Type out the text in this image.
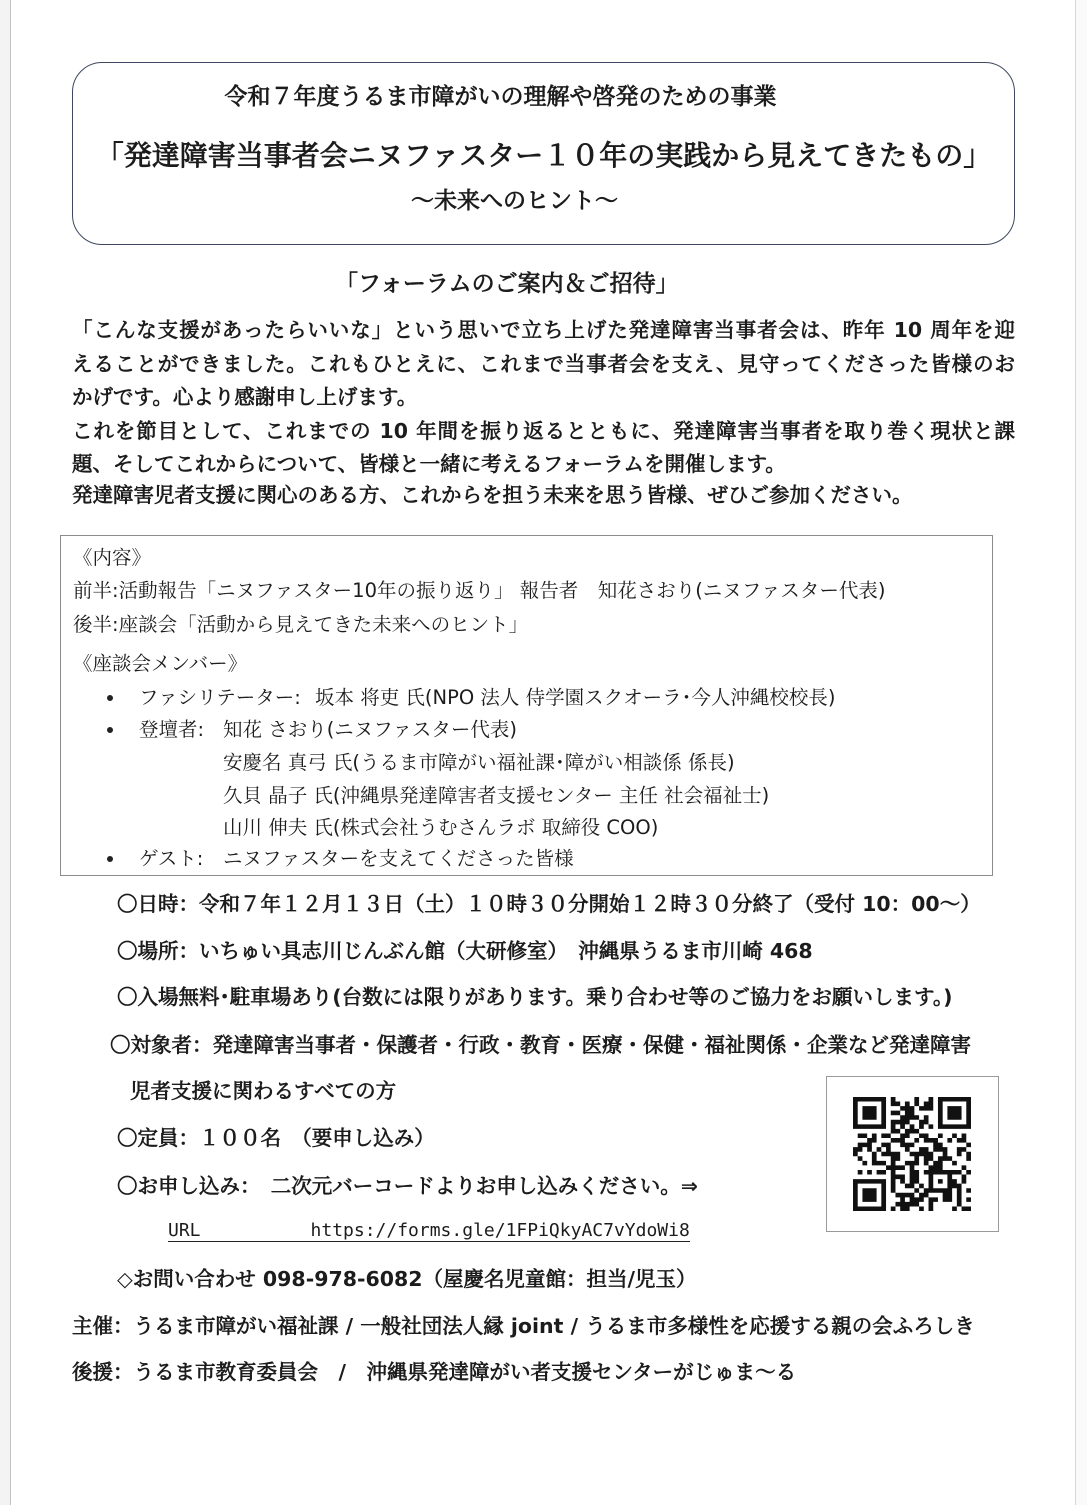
令和７年度うるま市障がいの理解や啓発のための事業
「発達障害当事者会ニヌファスター１０年の実践から見えてきたもの」
～未来へのヒント～
「フォーラムのご案内＆ご招待」
「こんな支援があったらいいな」という思いで立ち上げた発達障害当事者会は、昨年 10 周年を迎
えることができました。これもひとえに、これまで当事者会を支え、見守ってくださった皆様のお
かげです。心より感謝申し上げます。
これを節目として、これまでの 10 年間を振り返るとともに、発達障害当事者を取り巻く現状と課
題、そしてこれからについて、皆様と一緒に考えるフォーラムを開催します。
発達障害児者支援に関心のある方、これからを担う未来を思う皆様、ぜひご参加ください。
《内容》
前半:活動報告「ニヌファスター10年の振り返り」 報告者　知花さおり(ニヌファスター代表)
後半:座談会「活動から見えてきた未来へのヒント」
《座談会メンバー》
ファシリテーター: 坂本 将吏 氏(NPO 法人 侍学園スクオーラ･今人沖縄校校長)
登壇者: 知花 さおり(ニヌファスター代表)
安慶名 真弓 氏(うるま市障がい福祉課･障がい相談係 係長)
久貝 晶子 氏(沖縄県発達障害者支援センター 主任 社会福祉士)
山川 伸夫 氏(株式会社うむさんラボ 取締役 COO)
ゲスト: ニヌファスターを支えてくださった皆様
〇日時：令和７年１２月１３日（土）１０時３０分開始１２時３０分終了（受付 10：00～）
〇場所：いちゅい具志川じんぶん館（大研修室）　沖縄県うるま市川崎 468
〇入場無料･駐車場あり(台数には限りがあります。乗り合わせ等のご協力をお願いします。)
〇対象者：発達障害当事者・保護者・行政・教育・医療・保健・福祉関係・企業など発達障害
児者支援に関わるすべての方
〇定員：１００名　（要申し込み）
〇お申し込み：　二次元バーコードよりお申し込みください。⇒
URL	https://forms.gle/1FPiQkyAC7vYdoWi8
◇お問い合わせ 098-978-6082（屋慶名児童館：担当/児玉）
主催：うるま市障がい福祉課 / 一般社団法人縁 joint / うるま市多様性を応援する親の会ふろしき
後援：うるま市教育委員会　/　沖縄県発達障がい者支援センターがじゅま～る
